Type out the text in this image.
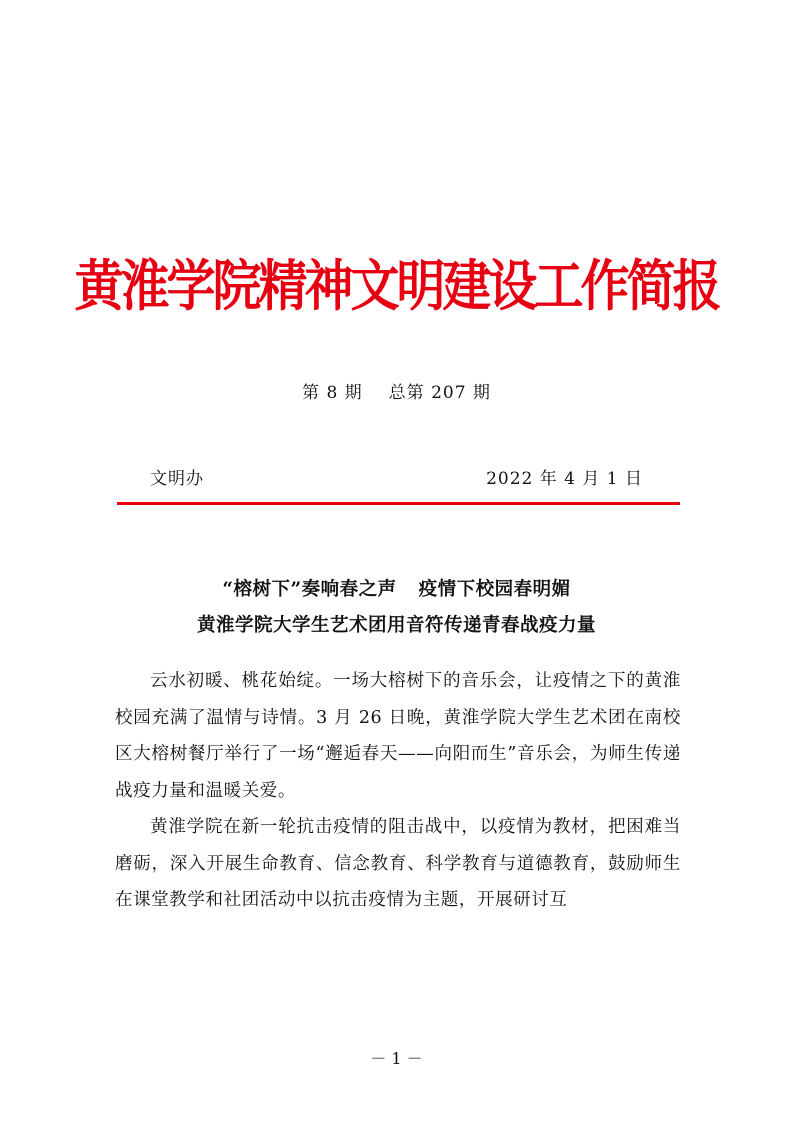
黄淮学院精神文明建设工作简报
第 8 期 总第 207 期
文明办	2022 年 4 月 1 日
“榕树下”奏响春之声 疫情下校园春明媚
黄淮学院大学生艺术团用音符传递青春战疫力量

云水初暖、桃花始绽。一场大榕树下的音乐会，让疫情之下的黄淮校园充满了温情与诗情。3 月 26 日晚，黄淮学院大学生艺术团在南校区大榕树餐厅举行了一场“邂逅春天——向阳而生”音乐会，为师生传递战疫力量和温暖关爱。

黄淮学院在新一轮抗击疫情的阻击战中，以疫情为教材，把困难当磨砺，深入开展生命教育、信念教育、科学教育与道德教育，鼓励师生在课堂教学和社团活动中以抗击疫情为主题，开展研讨互

－ 1 －
